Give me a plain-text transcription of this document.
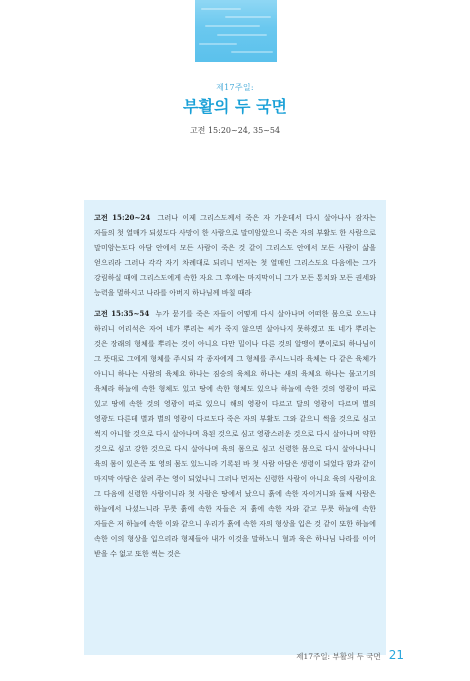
제17주일:
부활의 두 국면
고전 15:20~24, 35~54

고전 15:20~24 그러나 이제 그리스도께서 죽은 자 가운데서 다시 살아나사 잠자는 자들의 첫 열매가 되셨도다 사망이 한 사람으로 말미암았으니 죽은 자의 부활도 한 사람으로 말미암는도다 아담 안에서 모든 사람이 죽은 것 같이 그리스도 안에서 모든 사람이 삶을 얻으리라 그러나 각각 자기 차례대로 되리니 먼저는 첫 열매인 그리스도요 다음에는 그가 강림하실 때에 그리스도에게 속한 자요 그 후에는 마지막이니 그가 모든 통치와 모든 권세와 능력을 멸하시고 나라를 아버지 하나님께 바칠 때라

고전 15:35~54 누가 묻기를 죽은 자들이 어떻게 다시 살아나며 어떠한 몸으로 오느냐 하리니 어리석은 자여 네가 뿌리는 씨가 죽지 않으면 살아나지 못하겠고 또 네가 뿌리는 것은 장래의 형체를 뿌리는 것이 아니요 다만 밀이나 다른 것의 알맹이 뿐이로되 하나님이 그 뜻대로 그에게 형체를 주시되 각 종자에게 그 형체를 주시느니라 육체는 다 같은 육체가 아니니 하나는 사람의 육체요 하나는 짐승의 육체요 하나는 새의 육체요 하나는 물고기의 육체라 하늘에 속한 형체도 있고 땅에 속한 형체도 있으나 하늘에 속한 것의 영광이 따로 있고 땅에 속한 것의 영광이 따로 있으니 해의 영광이 다르고 달의 영광이 다르며 별의 영광도 다른데 별과 별의 영광이 다르도다 죽은 자의 부활도 그와 같으니 썩을 것으로 심고 썩지 아니할 것으로 다시 살아나며 욕된 것으로 심고 영광스러운 것으로 다시 살아나며 약한 것으로 심고 강한 것으로 다시 살아나며 육의 몸으로 심고 신령한 몸으로 다시 살아나나니 육의 몸이 있은즉 또 영의 몸도 있느니라 기록된 바 첫 사람 아담은 생령이 되었다 함과 같이 마지막 아담은 살려 주는 영이 되었나니 그러나 먼저는 신령한 사람이 아니요 육의 사람이요 그 다음에 신령한 사람이니라 첫 사람은 땅에서 났으니 흙에 속한 자이거니와 둘째 사람은 하늘에서 나셨느니라 무릇 흙에 속한 자들은 저 흙에 속한 자와 같고 무릇 하늘에 속한 자들은 저 하늘에 속한 이와 같으니 우리가 흙에 속한 자의 형상을 입은 것 같이 또한 하늘에 속한 이의 형상을 입으리라 형제들아 내가 이것을 말하노니 혈과 육은 하나님 나라를 이어 받을 수 없고 또한 썩는 것은

제17주일: 부활의 두 국면 21
